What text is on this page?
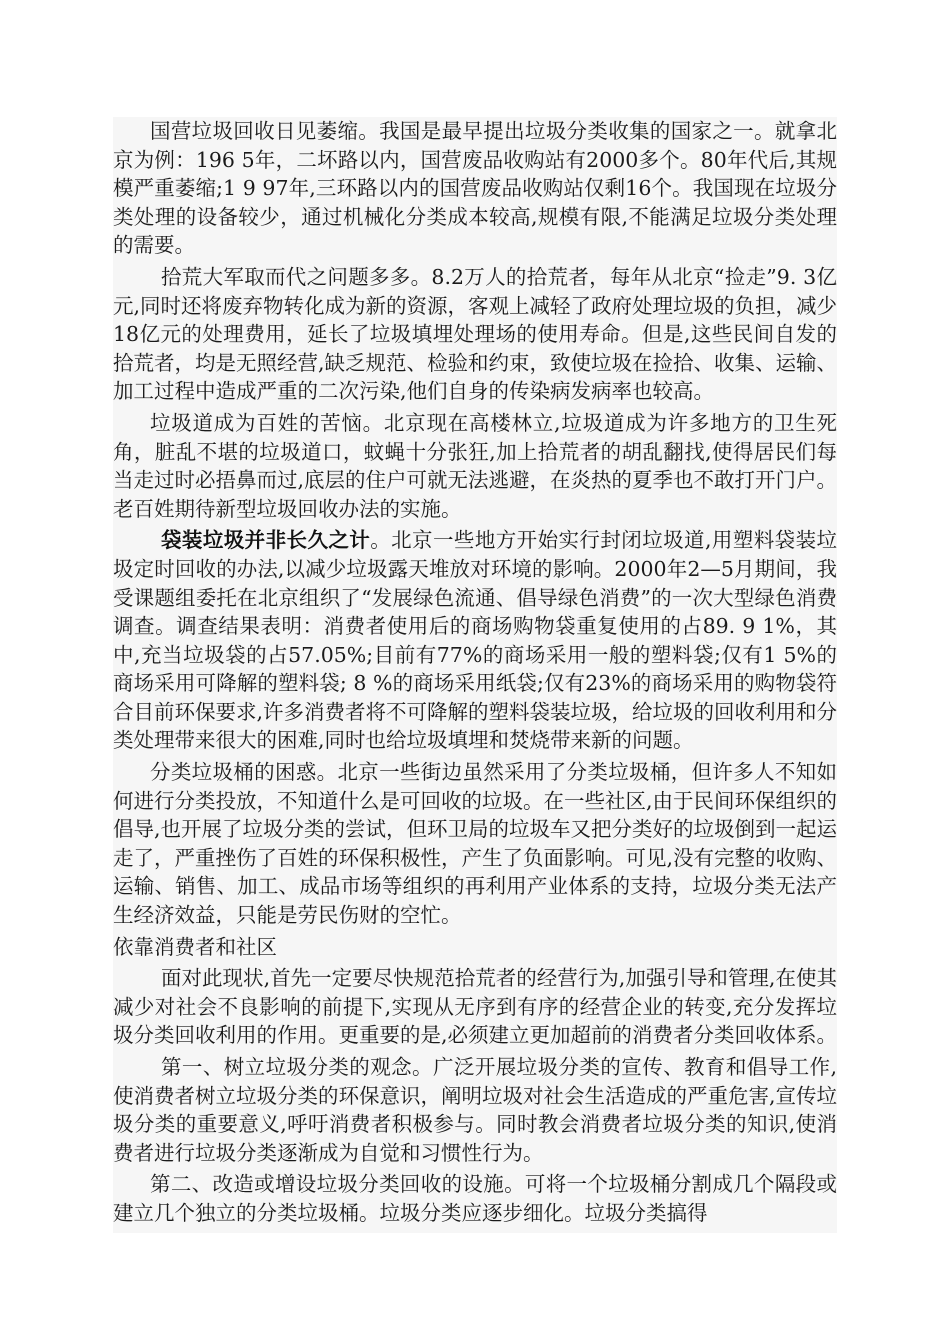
国营垃圾回收日见萎缩。我国是最早提出垃圾分类收集的国家之一。就拿北京为例：196 5年，二坏路以内，国营废品收购站有2000多个。80年代后,其规模严重萎缩;1 9 97年,三环路以内的国营废品收购站仅剩16个。我国现在垃圾分类处理的设备较少，通过机械化分类成本较高,规模有限,不能满足垃圾分类处理的需要。

拾荒大军取而代之问题多多。8.2万人的拾荒者，每年从北京“捡走”9. 3亿元,同时还将废弃物转化成为新的资源，客观上减轻了政府处理垃圾的负担，减少18亿元的处理费用，延长了垃圾填埋处理场的使用寿命。但是,这些民间自发的拾荒者，均是无照经营,缺乏规范、检验和约束，致使垃圾在捡拾、收集、运输、加工过程中造成严重的二次污染,他们自身的传染病发病率也较高。

垃圾道成为百姓的苦恼。北京现在高楼林立,垃圾道成为许多地方的卫生死角，脏乱不堪的垃圾道口，蚊蝇十分张狂,加上拾荒者的胡乱翻找,使得居民们每当走过时必捂鼻而过,底层的住户可就无法逃避，在炎热的夏季也不敢打开门户。老百姓期待新型垃圾回收办法的实施。

袋装垃圾并非长久之计。北京一些地方开始实行封闭垃圾道,用塑料袋装垃圾定时回收的办法,以减少垃圾露天堆放对环境的影响。2000年2—5月期间，我受课题组委托在北京组织了“发展绿色流通、倡导绿色消费”的一次大型绿色消费调查。调查结果表明：消费者使用后的商场购物袋重复使用的占89. 9 1%，其中,充当垃圾袋的占57.05%;目前有77%的商场采用一般的塑料袋;仅有1 5%的商场采用可降解的塑料袋; 8 %的商场采用纸袋;仅有23%的商场采用的购物袋符合目前环保要求,许多消费者将不可降解的塑料袋装垃圾，给垃圾的回收利用和分类处理带来很大的困难,同时也给垃圾填埋和焚烧带来新的问题。

分类垃圾桶的困惑。北京一些街边虽然采用了分类垃圾桶，但许多人不知如何进行分类投放，不知道什么是可回收的垃圾。在一些社区,由于民间环保组织的倡导,也开展了垃圾分类的尝试，但环卫局的垃圾车又把分类好的垃圾倒到一起运走了，严重挫伤了百姓的环保积极性，产生了负面影响。可见,没有完整的收购、运输、销售、加工、成品市场等组织的再利用产业体系的支持，垃圾分类无法产生经济效益，只能是劳民伤财的空忙。

依靠消费者和社区

面对此现状,首先一定要尽快规范拾荒者的经营行为,加强引导和管理,在使其减少对社会不良影响的前提下,实现从无序到有序的经营企业的转变,充分发挥垃圾分类回收利用的作用。更重要的是,必须建立更加超前的消费者分类回收体系。

第一、树立垃圾分类的观念。广泛开展垃圾分类的宣传、教育和倡导工作,使消费者树立垃圾分类的环保意识，阐明垃圾对社会生活造成的严重危害,宣传垃圾分类的重要意义,呼吁消费者积极参与。同时教会消费者垃圾分类的知识,使消费者进行垃圾分类逐渐成为自觉和习惯性行为。

第二、改造或增设垃圾分类回收的设施。可将一个垃圾桶分割成几个隔段或建立几个独立的分类垃圾桶。垃圾分类应逐步细化。垃圾分类搞得
